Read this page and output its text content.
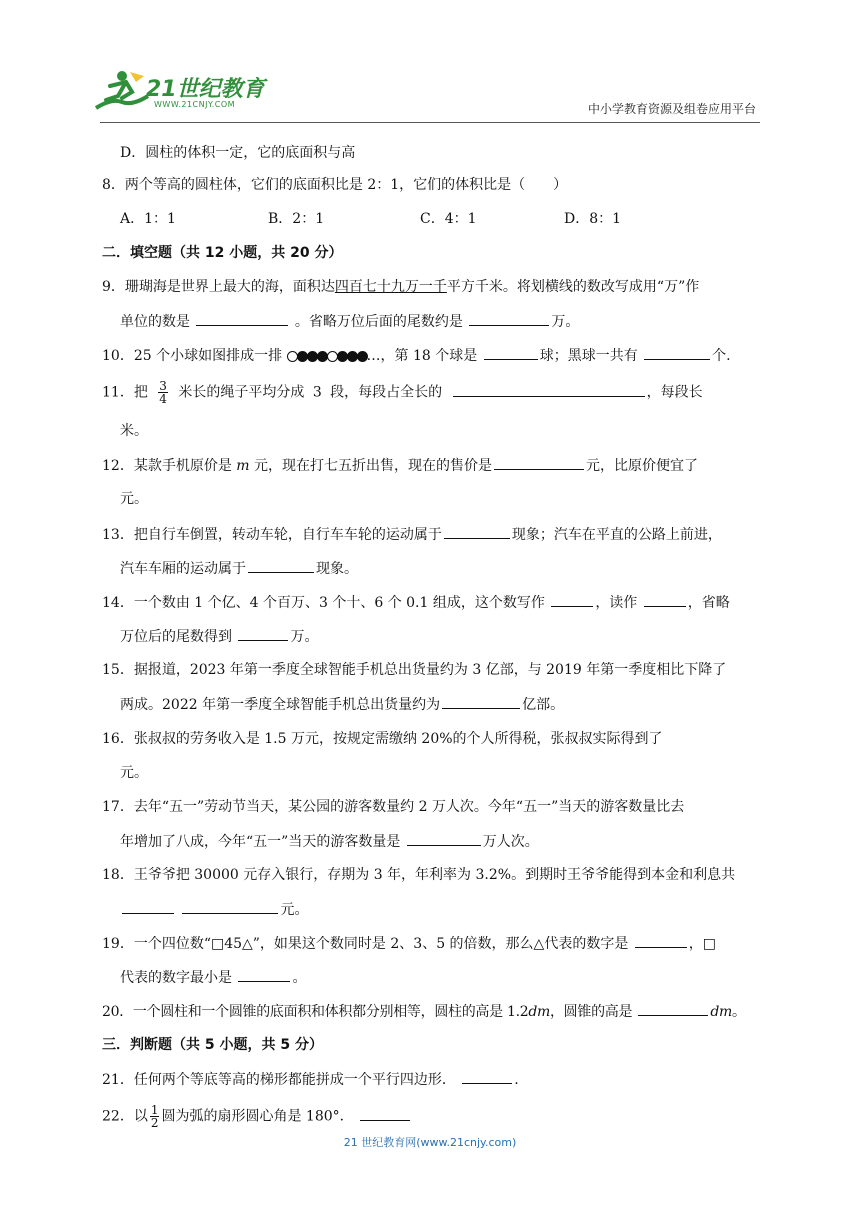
21世纪教育
WWW.21CNJY.COM	中小学教育资源及组卷应用平台
D．圆柱的体积一定，它的底面积与高
8．两个等高的圆柱体，它们的底面积比是 2：1，它们的体积比是（　　）
A．1：1	B．2：1	C．4：1	D．8：1
二．填空题（共 12 小题，共 20 分）
9．珊瑚海是世界上最大的海，面积达四百七十九万一千平方千米。将划横线的数改写成用“万”作
单位的数是	。省略万位后面的尾数约是	万。
10．25 个小球如图排成一排	…，第 18 个球是	球；黑球一共有	个.
11．把 $\frac{3}{4}$ 米长的绳子平均分成 3 段，每段占全长的	，每段长
米。
12．某款手机原价是 m 元，现在打七五折出售，现在的售价是	元，比原价便宜了
元。
13．把自行车倒置，转动车轮，自行车车轮的运动属于	现象；汽车在平直的公路上前进，
汽车车厢的运动属于	现象。
14．一个数由 1 个亿、4 个百万、3 个十、6 个 0.1 组成，这个数写作	，读作	，省略
万位后的尾数得到	万。
15．据报道，2023 年第一季度全球智能手机总出货量约为 3 亿部，与 2019 年第一季度相比下降了
两成。2022 年第一季度全球智能手机总出货量约为	亿部。
16．张叔叔的劳务收入是 1.5 万元，按规定需缴纳 20%的个人所得税，张叔叔实际得到了
元。
17．去年“五一”劳动节当天，某公园的游客数量约 2 万人次。今年“五一”当天的游客数量比去
年增加了八成，今年“五一”当天的游客数量是	万人次。
18．王爷爷把 30000 元存入银行，存期为 3 年，年利率为 3.2%。到期时王爷爷能得到本金和利息共
元。
19．一个四位数“□45△”，如果这个数同时是 2、3、5 的倍数，那么△代表的数字是	，□
代表的数字最小是	。
20．一个圆柱和一个圆锥的底面积和体积都分别相等，圆柱的高是 1.2dm，圆锥的高是	dm。
三．判断题（共 5 小题，共 5 分）
21．任何两个等底等高的梯形都能拼成一个平行四边形．	.
22．以 $\frac{1}{2}$ 圆为弧的扇形圆心角是 180°．
21 世纪教育网(www.21cnjy.com)
